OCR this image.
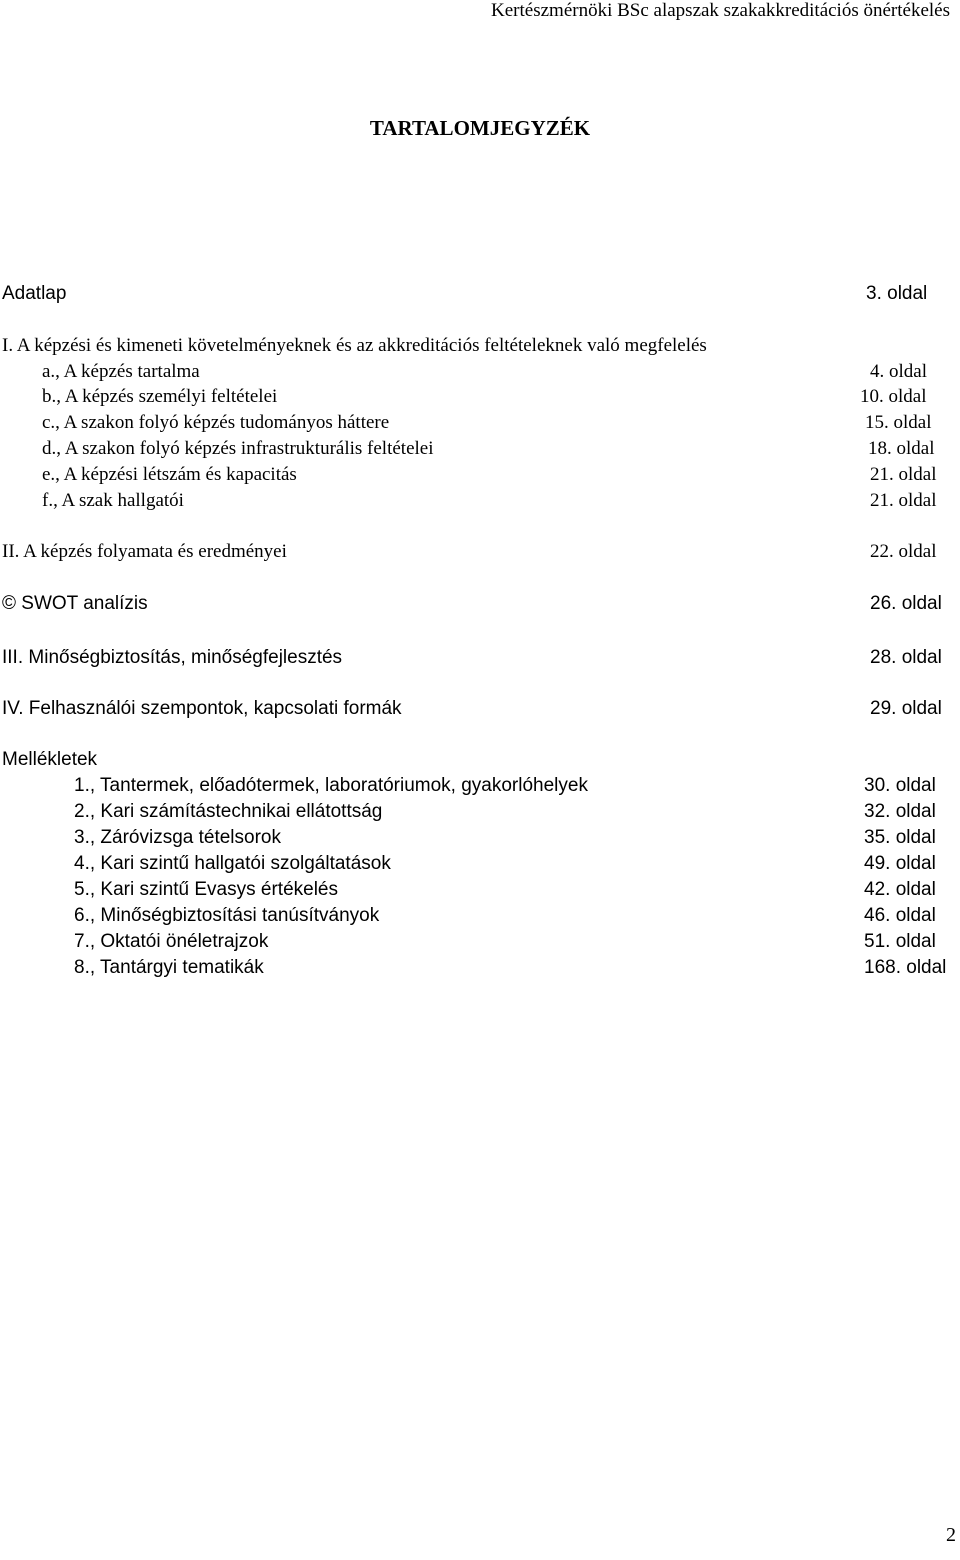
Kertészmérnöki BSc alapszak szakakkreditációs önértékelés
TARTALOMJEGYZÉK
Adatlap	3. oldal
I. A képzési és kimeneti követelményeknek és az akkreditációs feltételeknek való megfelelés
a., A képzés tartalma	4. oldal
b., A képzés személyi feltételei	10. oldal
c., A szakon folyó képzés tudományos háttere	15. oldal
d., A szakon folyó képzés infrastrukturális feltételei	18. oldal
e., A képzési létszám és kapacitás	21. oldal
f., A szak hallgatói	21. oldal
II. A képzés folyamata és eredményei	22. oldal
© SWOT analízis	26. oldal
III. Minőségbiztosítás, minőségfejlesztés	28. oldal
IV. Felhasználói szempontok, kapcsolati formák	29. oldal
Mellékletek
1., Tantermek, előadótermek, laboratóriumok, gyakorlóhelyek	30. oldal
2., Kari számítástechnikai ellátottság	32. oldal
3., Záróvizsga tételsorok	35. oldal
4., Kari szintű hallgatói szolgáltatások	49. oldal
5., Kari szintű Evasys értékelés	42. oldal
6., Minőségbiztosítási tanúsítványok	46. oldal
7., Oktatói önéletrajzok	51. oldal
8., Tantárgyi tematikák	168. oldal
2
